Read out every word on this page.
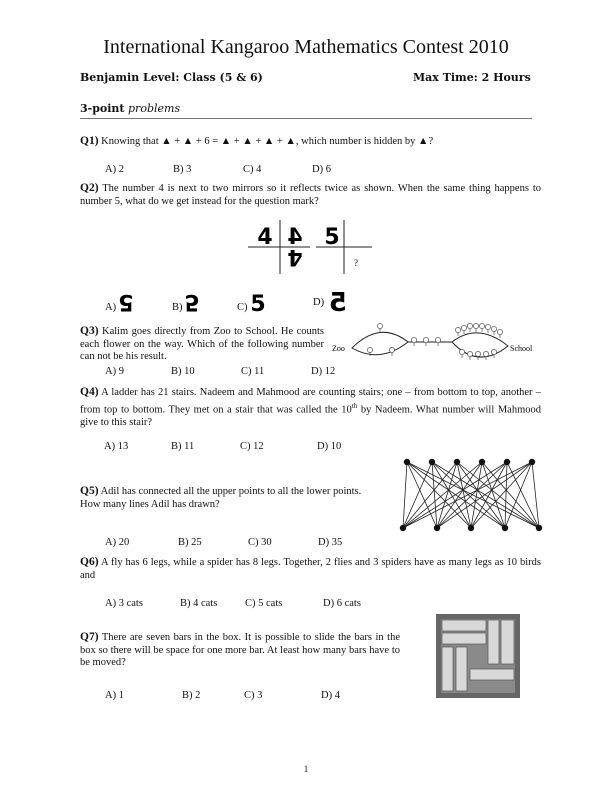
International Kangaroo Mathematics Contest 2010
Benjamin Level: Class (5 & 6)	Max Time: 2 Hours
3-point problems
Q1) Knowing that ▲ + ▲ + 6 = ▲ + ▲ + ▲ + ▲, which number is hidden by ▲?
A) 2	B) 3	C) 4	D) 6
Q2) The number 4 is next to two mirrors so it reflects twice as shown. When the same thing happens to number 5, what do we get instead for the question mark?
4 4
4
5
?
A) 5	B) 5	C) 5	D) 5
Q3) Kalim goes directly from Zoo to School. He counts each flower on the way. Which of the following number can not be his result.
Zoo	School
A) 9	B) 10	C) 11	D) 12
Q4) A ladder has 21 stairs. Nadeem and Mahmood are counting stairs; one – from bottom to top, another – from top to bottom. They met on a stair that was called the 10th by Nadeem. What number will Mahmood give to this stair?
A) 13	B) 11	C) 12	D) 10
Q5) Adil has connected all the upper points to all the lower points. How many lines Adil has drawn?
A) 20	B) 25	C) 30	D) 35
Q6) A fly has 6 legs, while a spider has 8 legs. Together, 2 flies and 3 spiders have as many legs as 10 birds and
A) 3 cats	B) 4 cats	C) 5 cats	D) 6 cats
Q7) There are seven bars in the box. It is possible to slide the bars in the box so there will be space for one more bar. At least how many bars have to be moved?
A) 1	B) 2	C) 3	D) 4
1
